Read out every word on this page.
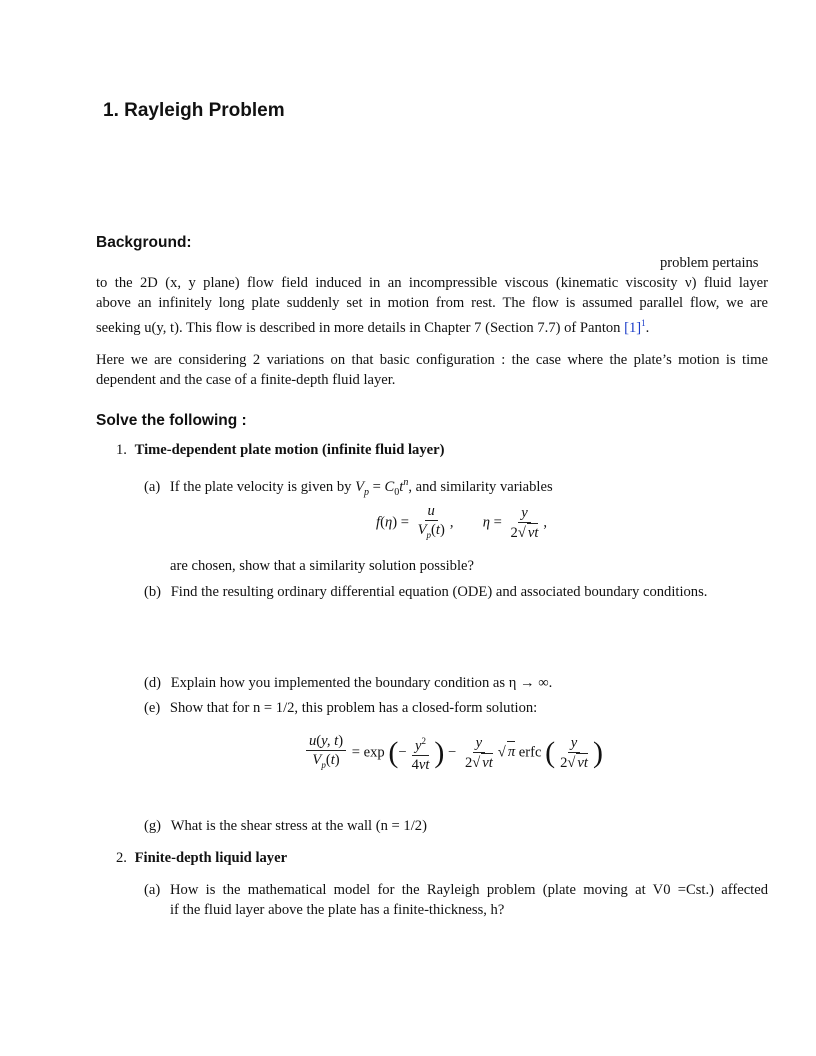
1. Rayleigh Problem
Background:
problem pertains
to the 2D (x, y plane) flow field induced in an incompressible viscous (kinematic viscosity ν) fluid layer
above an infinitely long plate suddenly set in motion from rest. The flow is assumed parallel flow, we are
seeking u(y, t). This flow is described in more details in Chapter 7 (Section 7.7) of Panton [1]$^1$.
Here we are considering 2 variations on that basic configuration : the case where the plate’s motion is time
dependent and the case of a finite-depth fluid layer.
Solve the following :
1. Time-dependent plate motion (infinite fluid layer)
(a) If the plate velocity is given by $V_p = C_0t^n$, and similarity variables
$f(\eta) = \frac{u}{V_p(t)}$ ,  $\eta = \frac{y}{2√ \nu t}$ ,
are chosen, show that a similarity solution possible?
(b) Find the resulting ordinary differential equation (ODE) and associated boundary conditions.
(d) Explain how you implemented the boundary condition as η → ∞.
(e) Show that for n = 1/2, this problem has a closed-form solution:
$\frac{u(y, t)}{V_p(t)} = \exp$ (− $\frac{y^2}{4\nu t}$ ) − $\frac{y}{2√ \nu t}$ √ π erfc ( $\frac{y}{2√ \nu t}$ )
(g) What is the shear stress at the wall (n = 1/2)
2. Finite-depth liquid layer
(a) How is the mathematical model for the Rayleigh problem (plate moving at V0 =Cst.) affected
if the fluid layer above the plate has a finite-thickness, h?
